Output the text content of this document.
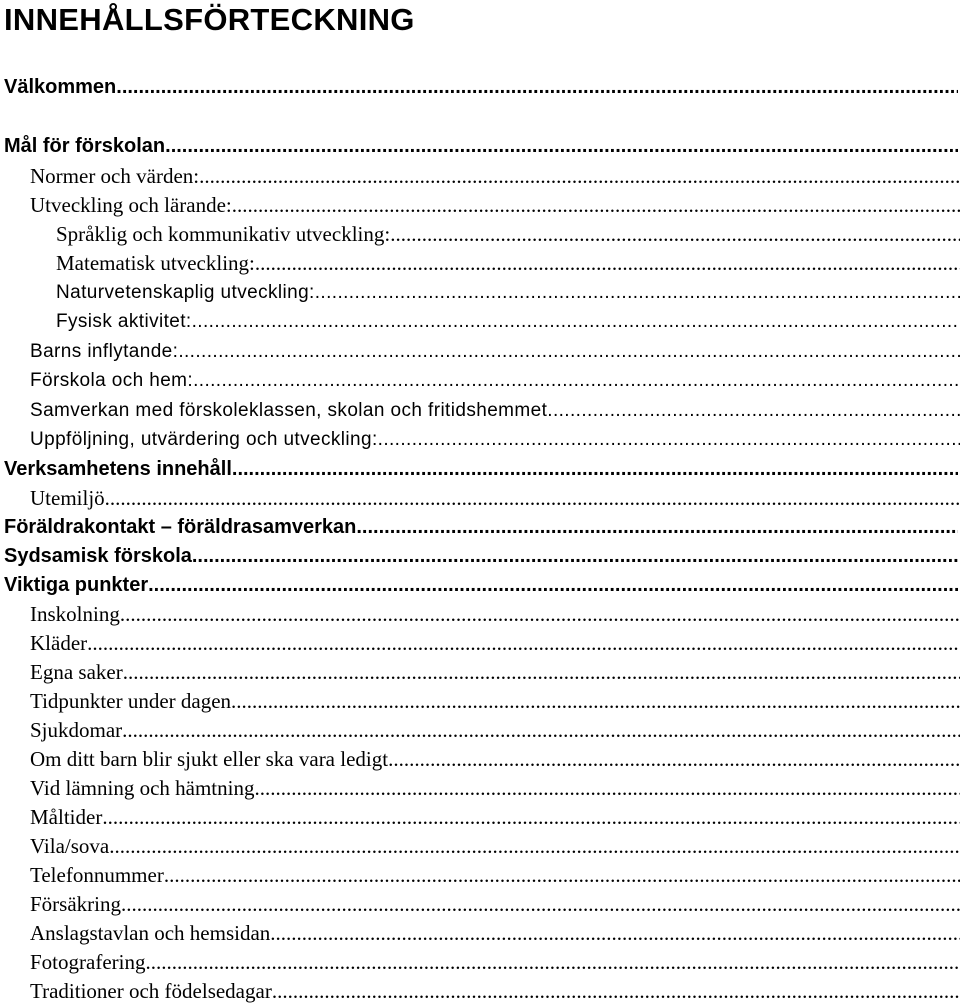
INNEHÅLLSFÖRTECKNING
Välkommen
.....
Mål för förskolan
.....
Normer och värden:
.....
Utveckling och lärande:
.....
Språklig och kommunikativ utveckling:
.....
Matematisk utveckling:
.....
Naturvetenskaplig utveckling:
.....
Fysisk aktivitet:
.....
Barns inflytande:
.....
Förskola och hem:
.....
Samverkan med förskoleklassen, skolan och fritidshemmet.
.....
Uppföljning, utvärdering och utveckling:
.....
Verksamhetens innehåll
.....
Utemiljö
.....
Föräldrakontakt – föräldrasamverkan.
.....
Sydsamisk förskola
.....
Viktiga punkter
.....
Inskolning
.....
Kläder
.....
Egna saker
.....
Tidpunkter under dagen
.....
Sjukdomar
.....
Om ditt barn blir sjukt eller ska vara ledigt.
.....
Vid lämning och hämtning
.....
Måltider
.....
Vila/sova
.....
Telefonnummer
.....
Försäkring
.....
Anslagstavlan och hemsidan
.....
Fotografering
.....
Traditioner och födelsedagar
.....
